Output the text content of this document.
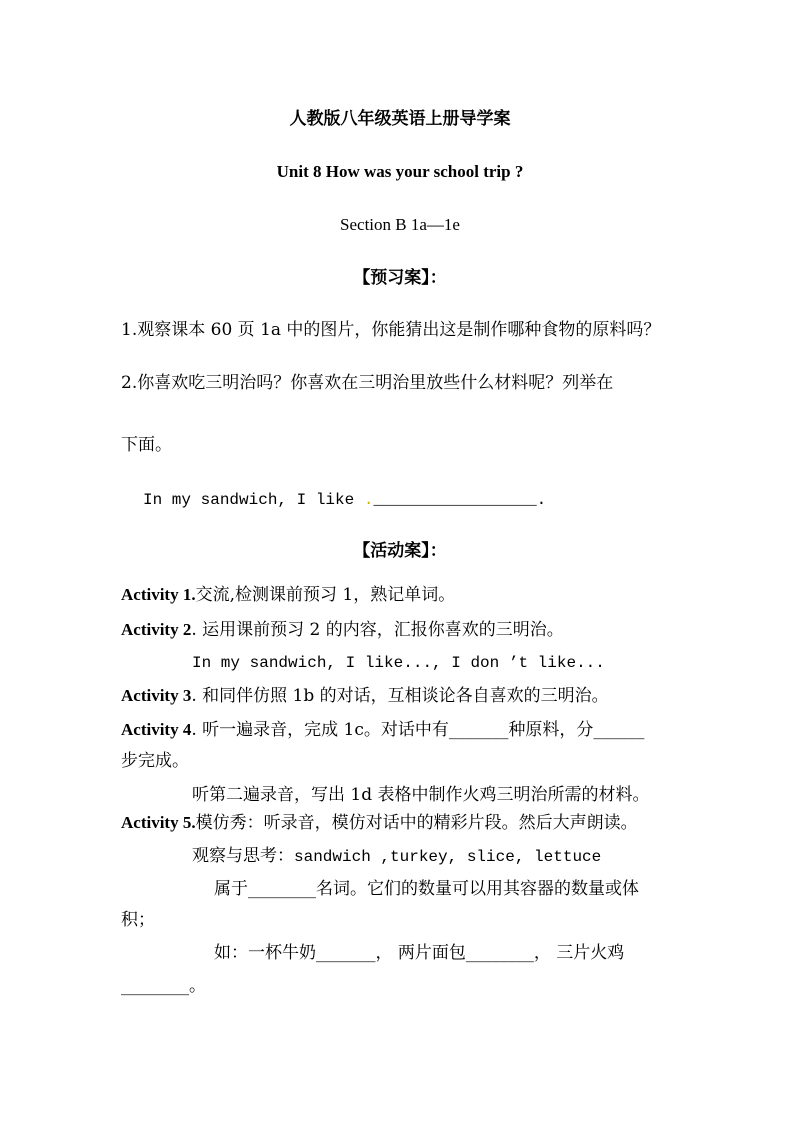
人教版八年级英语上册导学案
Unit 8 How was your school trip ?
Section B 1a—1e
【预习案】：
1.观察课本 60 页 1a 中的图片，你能猜出这是制作哪种食物的原料吗？
2.你喜欢吃三明治吗？你喜欢在三明治里放些什么材料呢？列举在
下面。
In my sandwich, I like ._________________.
【活动案】：
Activity 1.交流,检测课前预习 1，熟记单词。
Activity 2. 运用课前预习 2 的内容，汇报你喜欢的三明治。
In my sandwich, I like..., I don ’t like...
Activity 3. 和同伴仿照 1b 的对话，互相谈论各自喜欢的三明治。
Activity 4. 听一遍录音，完成 1c。对话中有_______种原料，分______
步完成。
听第二遍录音，写出 1d 表格中制作火鸡三明治所需的材料。
Activity 5.模仿秀：听录音，模仿对话中的精彩片段。然后大声朗读。
观察与思考：sandwich ,turkey, slice, lettuce
属于________名词。它们的数量可以用其容器的数量或体
积；
如：一杯牛奶_______， 两片面包________， 三片火鸡
________。
